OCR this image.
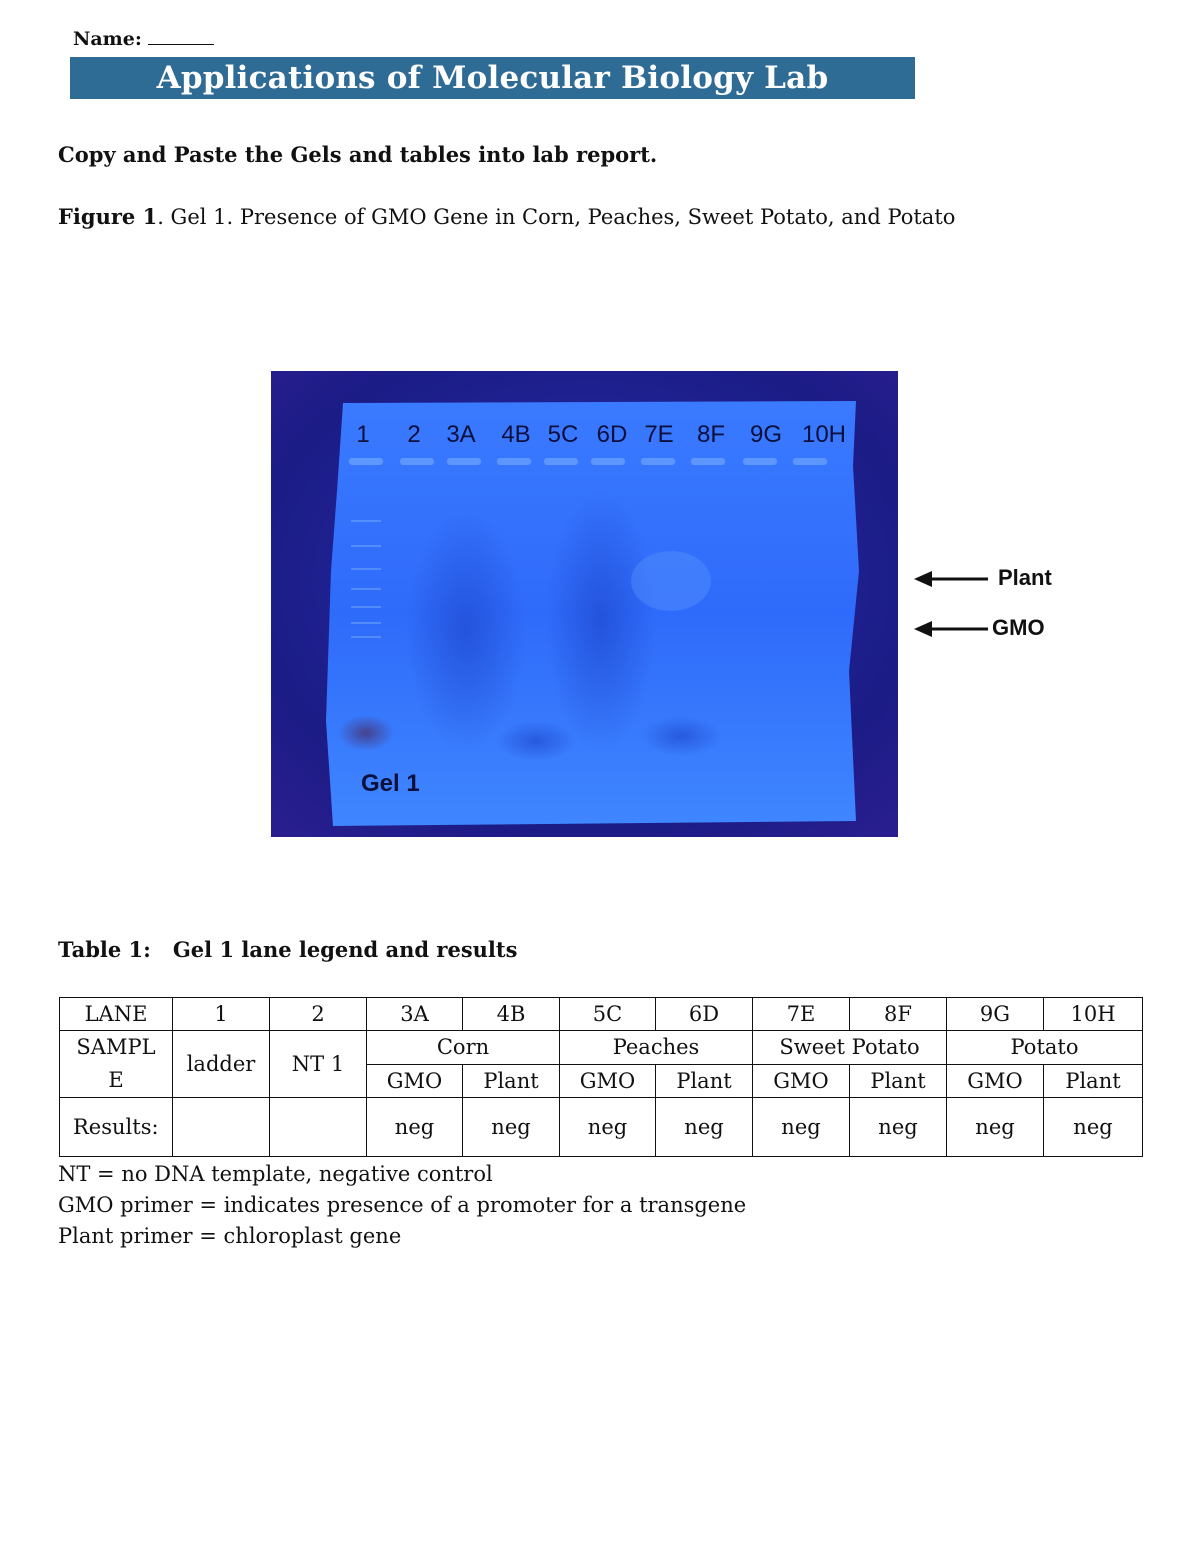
Name:
Applications of Molecular Biology Lab Worksheet
Copy and Paste the Gels and tables into lab report.
Figure 1. Gel 1. Presence of GMO Gene in Corn, Peaches, Sweet Potato, and Potato
1 2 3A 4B 5C 6D 7E 8F 9G 10H
Gel 1
Plant
GMO
Table 1:   Gel 1 lane legend and results
LANE	1	2	3A	4B	5C	6D	7E	8F	9G	10H
SAMPLE	ladder	NT 1	Corn		Peaches		Sweet Potato		Potato	
			GMO	Plant	GMO	Plant	GMO	Plant	GMO	Plant
Results:			neg	neg	neg	neg	neg	neg	neg	neg
NT = no DNA template, negative control
GMO primer = indicates presence of a promoter for a transgene
Plant primer = chloroplast gene
